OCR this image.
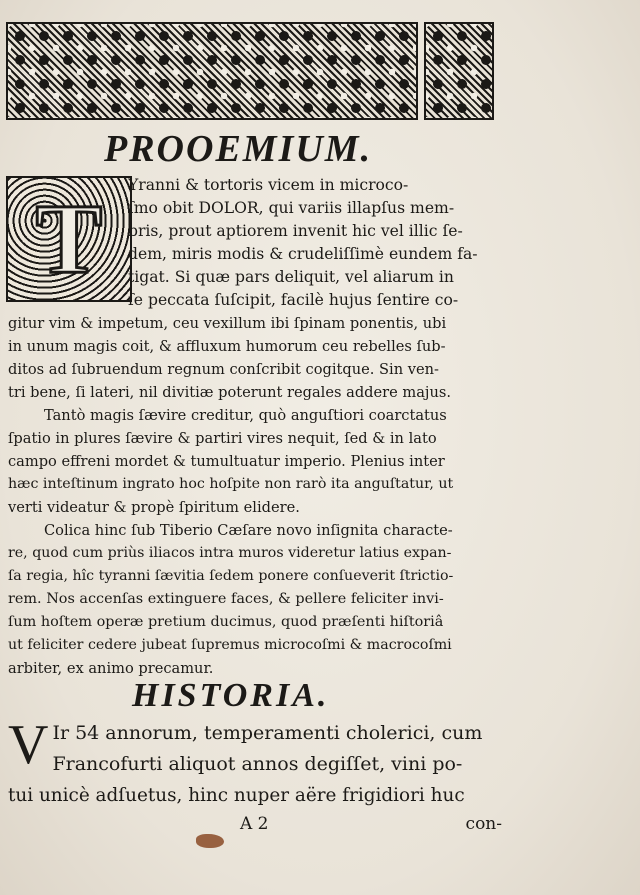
PROOEMIUM.
T	Yranni & tortoris vicem in microco-
ſmo obit DOLOR, qui variis illapſus mem-
bris, prout aptiorem invenit hic vel illic ſe-
dem, miris modis & crudeliſſimè eundem fa-
tigat. Si quæ pars deliquit, vel aliarum in
ſe peccata ſuſcipit, facilè hujus ſentire co-
gitur vim & impetum, ceu vexillum ibi ſpinam ponentis, ubi
in unum magis coit, & affluxum humorum ceu rebelles ſub-
ditos ad ſubruendum regnum conſcribit cogitque. Sin ven-
tri bene, ſi lateri, nil divitiæ poterunt regales addere majus.
Tantò magis ſævire creditur, quò anguſtiori coarctatus
ſpatio in plures ſævire & partiri vires nequit, ſed & in lato
campo effreni mordet & tumultuatur imperio. Plenius inter
hæc inteſtinum ingrato hoc hoſpite non rarò ita anguſtatur, ut
verti videatur & propè ſpiritum elidere.
Colica hinc ſub Tiberio Cæſare novo inſignita characte-
re, quod cum priùs iliacos intra muros videretur latius expan-
ſa regia, hîc tyranni ſævitia ſedem ponere conſueverit ſtrictio-
rem. Nos accenſas extinguere faces, & pellere feliciter invi-
ſum hoſtem operæ pretium ducimus, quod præſenti hiſtoriâ
ut feliciter cedere jubeat ſupremus microcoſmi & macrocoſmi
arbiter, ex animo precamur.
HISTORIA.
V Ir 54 annorum, temperamenti cholerici, cum
Francofurti aliquot annos degiſſet, vini po-
tui unicè adſuetus, hinc nuper aëre frigidiori huc
A 2	con-
